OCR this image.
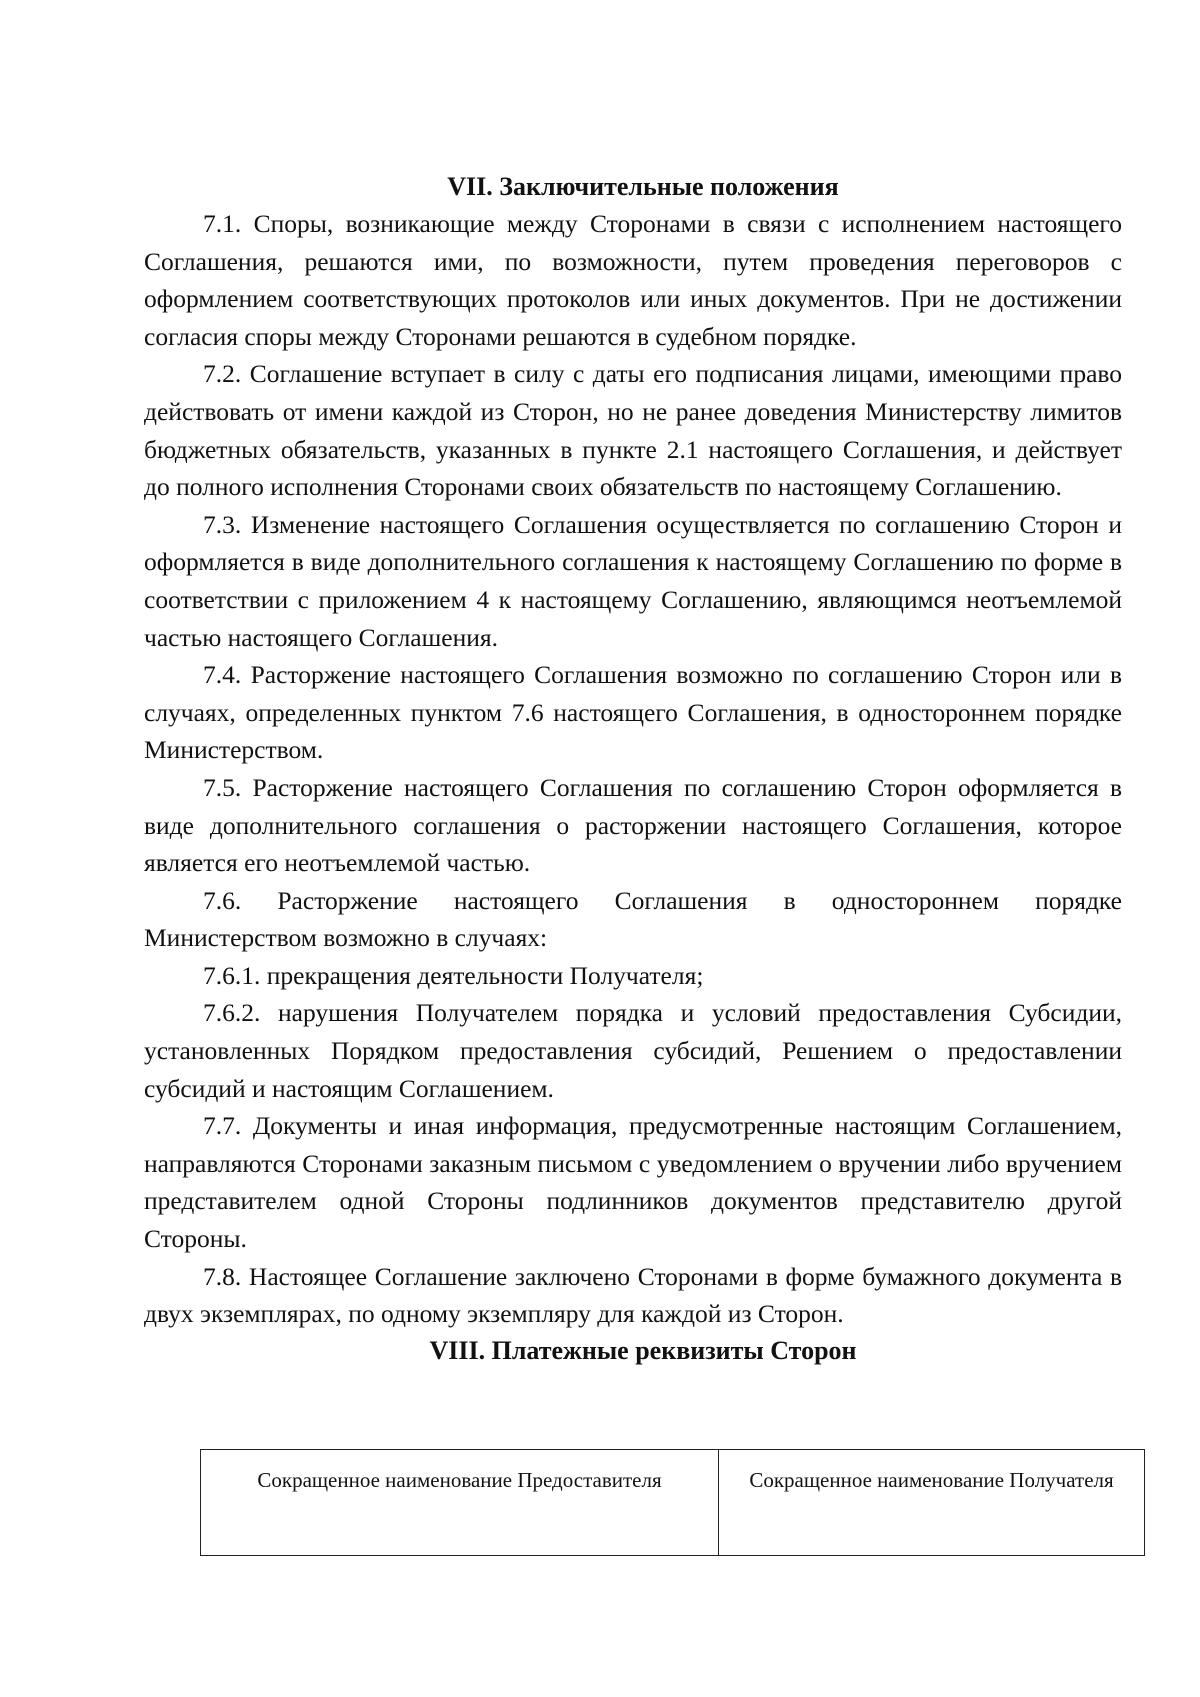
VII. Заключительные положения

7.1. Споры, возникающие между Сторонами в связи с исполнением настоящего Соглашения, решаются ими, по возможности, путем проведения переговоров с оформлением соответствующих протоколов или иных документов. При не достижении согласия споры между Сторонами решаются в судебном порядке.

7.2. Соглашение вступает в силу с даты его подписания лицами, имеющими право действовать от имени каждой из Сторон, но не ранее доведения Министерству лимитов бюджетных обязательств, указанных в пункте 2.1 настоящего Соглашения, и действует до полного исполнения Сторонами своих обязательств по настоящему Соглашению.

7.3. Изменение настоящего Соглашения осуществляется по соглашению Сторон и оформляется в виде дополнительного соглашения к настоящему Соглашению по форме в соответствии с приложением 4 к настоящему Соглашению, являющимся неотъемлемой частью настоящего Соглашения.

7.4. Расторжение настоящего Соглашения возможно по соглашению Сторон или в случаях, определенных пунктом 7.6 настоящего Соглашения, в одностороннем порядке Министерством.

7.5. Расторжение настоящего Соглашения по соглашению Сторон оформляется в виде дополнительного соглашения о расторжении настоящего Соглашения, которое является его неотъемлемой частью.

7.6. Расторжение настоящего Соглашения в одностороннем порядке Министерством возможно в случаях:

7.6.1. прекращения деятельности Получателя;

7.6.2. нарушения Получателем порядка и условий предоставления Субсидии, установленных Порядком предоставления субсидий, Решением о предоставлении субсидий и настоящим Соглашением.

7.7. Документы и иная информация, предусмотренные настоящим Соглашением, направляются Сторонами заказным письмом с уведомлением о вручении либо вручением представителем одной Стороны подлинников документов представителю другой Стороны.

7.8. Настоящее Соглашение заключено Сторонами в форме бумажного документа в двух экземплярах, по одному экземпляру для каждой из Сторон.

VIII. Платежные реквизиты Сторон
Сокращенное наименование Предоставителя	Сокращенное наименование Получателя
